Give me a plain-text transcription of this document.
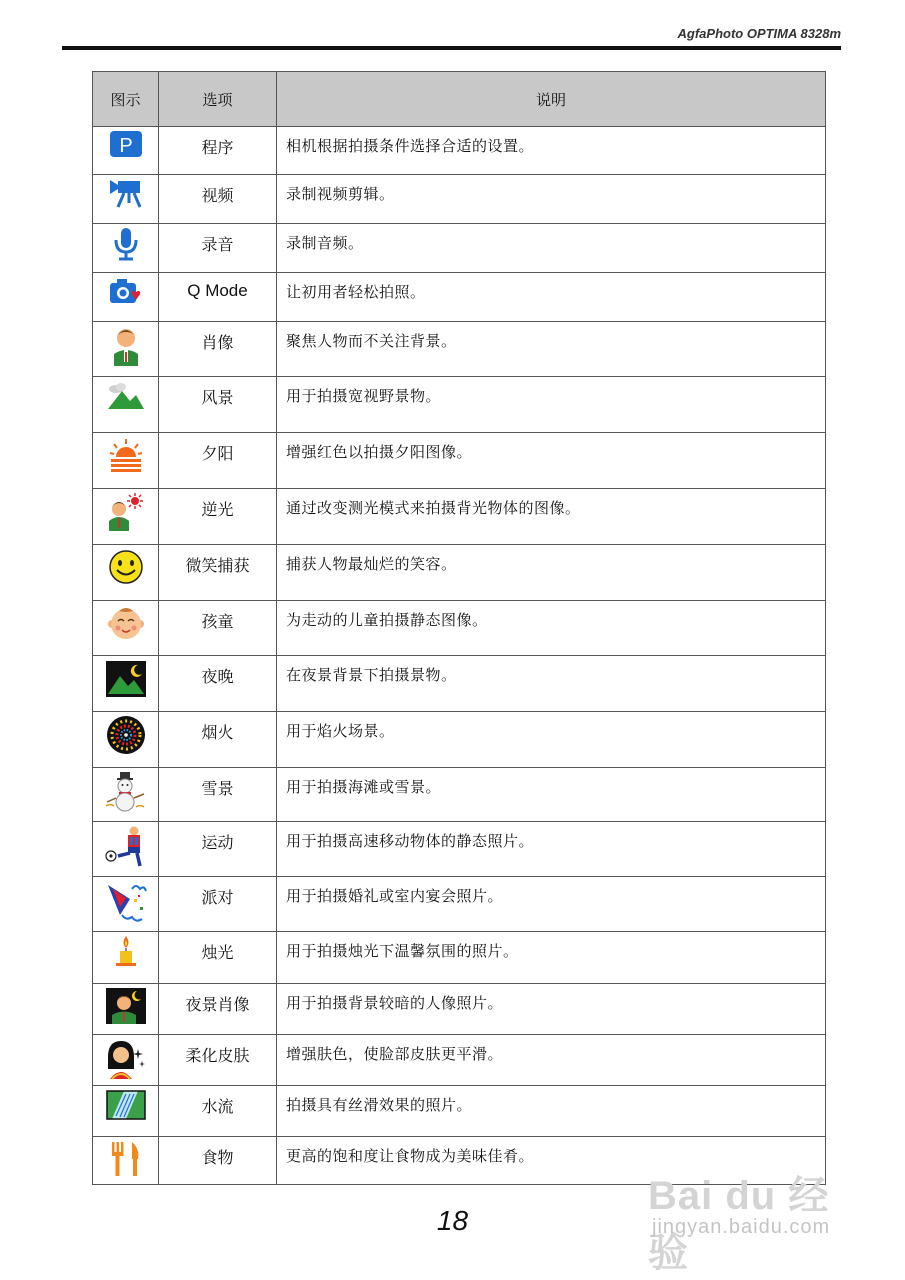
AgfaPhoto OPTIMA 8328m
图示	选项	说明

P	程序	相机根据拍摄条件选择合适的设置。
	视频	录制视频剪辑。
	录音	录制音频。
	Q Mode	让初用者轻松拍照。
	肖像	聚焦人物而不关注背景。
	风景	用于拍摄宽视野景物。
	夕阳	增强红色以拍摄夕阳图像。
	逆光	通过改变测光模式来拍摄背光物体的图像。
	微笑捕获	捕获人物最灿烂的笑容。
	孩童	为走动的儿童拍摄静态图像。
	夜晚	在夜景背景下拍摄景物。
	烟火	用于焰火场景。
	雪景	用于拍摄海滩或雪景。
	运动	用于拍摄高速移动物体的静态照片。
	派对	用于拍摄婚礼或室内宴会照片。
	烛光	用于拍摄烛光下温馨氛围的照片。
	夜景肖像	用于拍摄背景较暗的人像照片。
	柔化皮肤	增强肤色，使脸部皮肤更平滑。
	水流	拍摄具有丝滑效果的照片。
	食物	更高的饱和度让食物成为美味佳肴。
Bai du 经验
jingyan.baidu.com
18
